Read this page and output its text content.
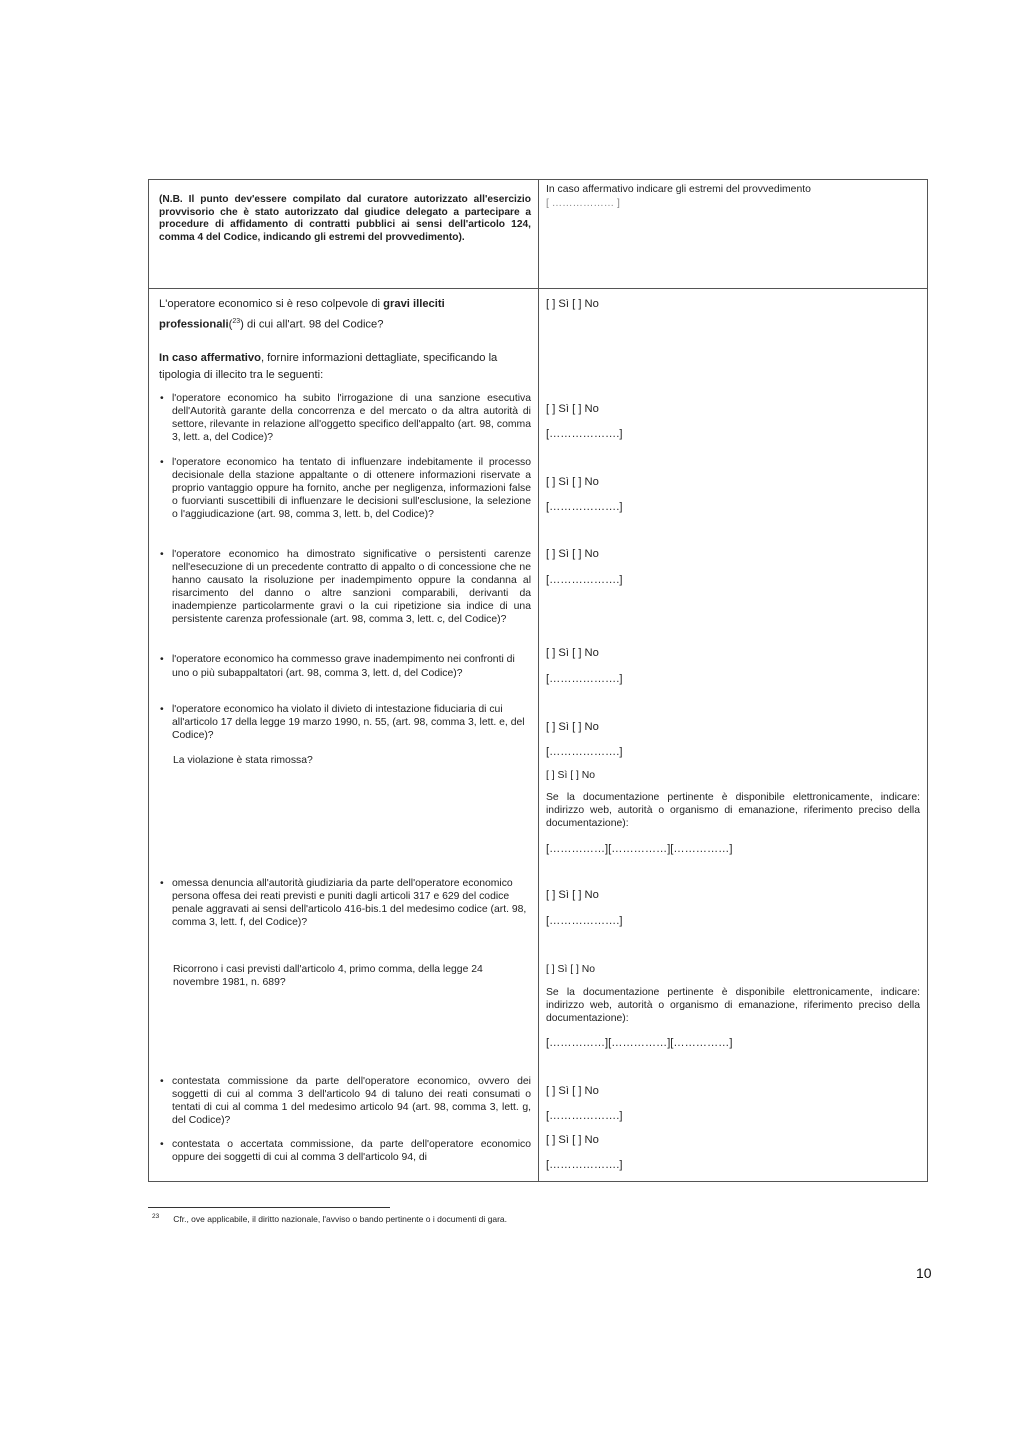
(N.B. Il punto dev'essere compilato dal curatore autorizzato all'esercizio provvisorio che è stato autorizzato dal giudice delegato a partecipare a procedure di affidamento di contratti pubblici ai sensi dell'articolo 124, comma 4 del Codice, indicando gli estremi del provvedimento).
In caso affermativo indicare gli estremi del provvedimento
[ ……………… ]
L'operatore economico si è reso colpevole di gravi illeciti professionali($^{23}$) di cui all'art. 98 del Codice?
[ ] Sì [ ] No
In caso affermativo, fornire informazioni dettagliate, specificando la tipologia di illecito tra le seguenti:
• l'operatore economico ha subito l'irrogazione di una sanzione esecutiva dell'Autorità garante della concorrenza e del mercato o da altra autorità di settore, rilevante in relazione all'oggetto specifico dell'appalto (art. 98, comma 3, lett. a, del Codice)?
[ ] Sì [ ] No
[……………….]
• l'operatore economico ha tentato di influenzare indebitamente il processo decisionale della stazione appaltante o di ottenere informazioni riservate a proprio vantaggio oppure ha fornito, anche per negligenza, informazioni false o fuorvianti suscettibili di influenzare le decisioni sull'esclusione, la selezione o l'aggiudicazione (art. 98, comma 3, lett. b, del Codice)?
[ ] Sì [ ] No
[……………….]
• l'operatore economico ha dimostrato significative o persistenti carenze nell'esecuzione di un precedente contratto di appalto o di concessione che ne hanno causato la risoluzione per inadempimento oppure la condanna al risarcimento del danno o altre sanzioni comparabili, derivanti da inadempienze particolarmente gravi o la cui ripetizione sia indice di una persistente carenza professionale (art. 98, comma 3, lett. c, del Codice)?
[ ] Sì [ ] No
[……………….]
• l'operatore economico ha commesso grave inadempimento nei confronti di uno o più subappaltatori (art. 98, comma 3, lett. d, del Codice)?
[ ] Sì [ ] No
[……………….]
• l'operatore economico ha violato il divieto di intestazione fiduciaria di cui all'articolo 17 della legge 19 marzo 1990, n. 55, (art. 98, comma 3, lett. e, del Codice)?
La violazione è stata rimossa?
[ ] Sì [ ] No
[……………….]
[ ] Sì [ ] No
Se la documentazione pertinente è disponibile elettronicamente, indicare: indirizzo web, autorità o organismo di emanazione, riferimento preciso della documentazione):
[……………][……………][……………]
• omessa denuncia all'autorità giudiziaria da parte dell'operatore economico persona offesa dei reati previsti e puniti dagli articoli 317 e 629 del codice penale aggravati ai sensi dell'articolo 416-bis.1 del medesimo codice (art. 98, comma 3, lett. f, del Codice)?
Ricorrono i casi previsti dall'articolo 4, primo comma, della legge 24 novembre 1981, n. 689?
[ ] Sì [ ] No
[……………….]
[ ] Sì [ ] No
Se la documentazione pertinente è disponibile elettronicamente, indicare: indirizzo web, autorità o organismo di emanazione, riferimento preciso della documentazione):
[……………][……………][……………]
• contestata commissione da parte dell'operatore economico, ovvero dei soggetti di cui al comma 3 dell'articolo 94 di taluno dei reati consumati o tentati di cui al comma 1 del medesimo articolo 94 (art. 98, comma 3, lett. g, del Codice)?
[ ] Sì [ ] No
[……………….]
• contestata o accertata commissione, da parte dell'operatore economico oppure dei soggetti di cui al comma 3 dell'articolo 94, di
[ ] Sì [ ] No
[……………….]
$^{23}$ Cfr., ove applicabile, il diritto nazionale, l'avviso o bando pertinente o i documenti di gara.
10
